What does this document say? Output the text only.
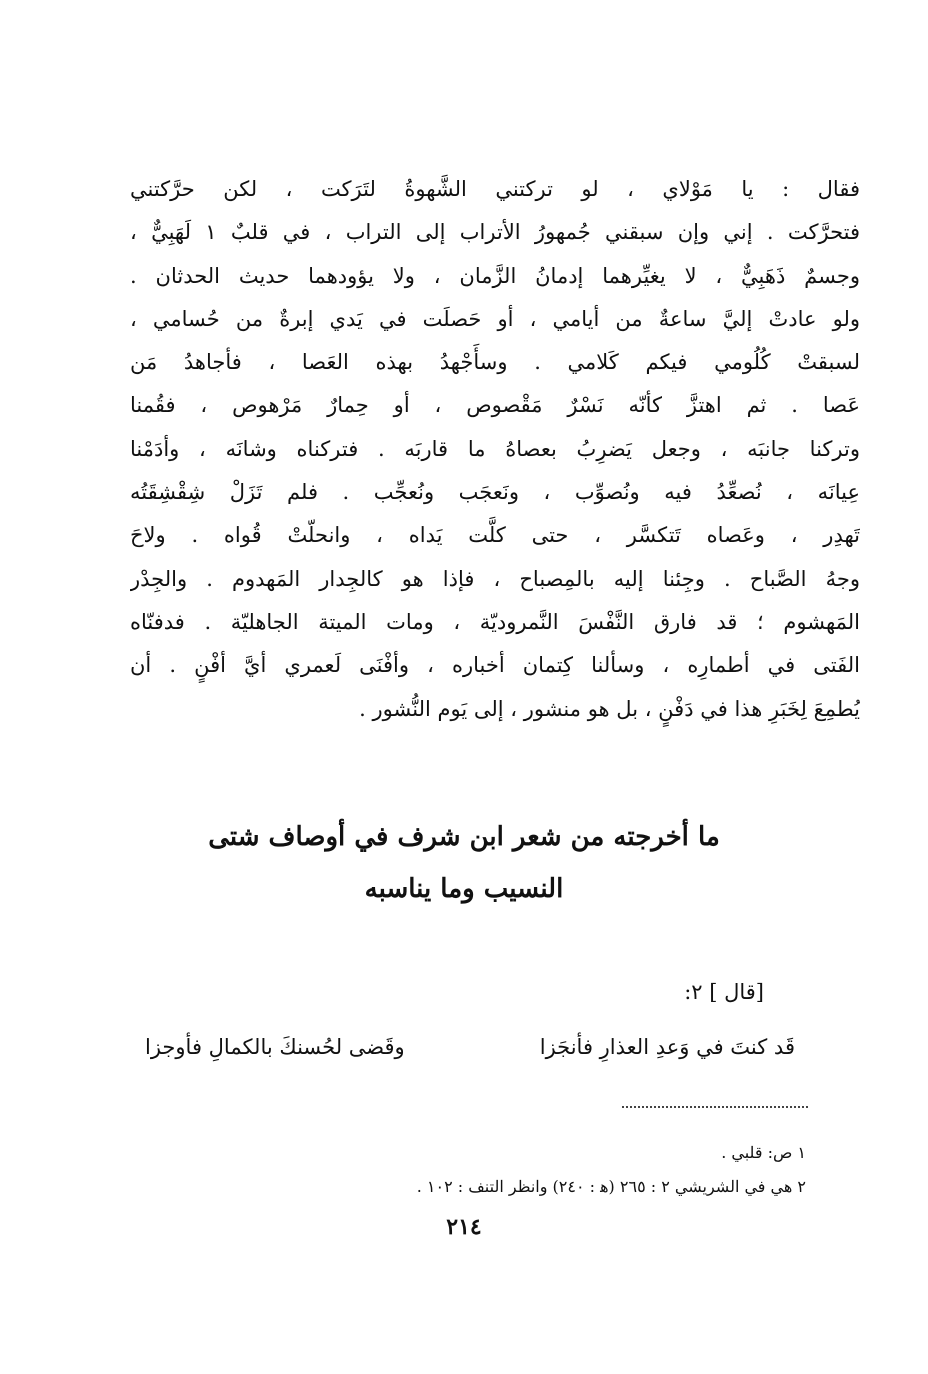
فقال : يا مَوْلاي ، لو تركتني الشَّهوةُ لتَرَكت ، لكن حرَّكتني
فتحرَّكت . إني وإن سبقني جُمهورُ الأتراب إلى التراب ، في قلبٌ ١ لَهَبِيٌّ ،
وجسمٌ ذَهَبِيٌّ ، لا يغيِّرهما إدمانُ الزَّمان ، ولا يؤودهما حديث الحدثان .
ولو عادتْ إليَّ ساعةٌ من أيامي ، أو حَصلَت في يَدي إبرةٌ من حُسامي ،
لسبقتْ كُلُومي فيكم كَلامي . وسأَجْهدُ بهذه العَصا ، فأجاهدُ مَن
عَصا . ثم اهتزَّ كأنّه نَسْرٌ مَقْصوص ، أو حِمارٌ مَرْهوص ، فقُمنا
وتركنا جانبَه ، وجعل يَضرِبُ بعصاهُ ما قاربَه . فتركناه وشانَه ، وأدَمْنا
عِيانَه ، نُصعِّدُ فيه ونُصوِّب ، ونَعجَب ونُعجِّب . فلم تَزَلْ شِقْشِقَتُه
تَهدِر ، وعَصاه تَتكسَّر ، حتى كلَّت يَداه ، وانحلّتْ قُواه . ولاحَ
وجهُ الصَّباح . وجِئنا إليه بالمِصباح ، فإذا هو كالجِدار المَهدوم . والجِدْر
المَهشوم ؛ قد فارق النَّفْسَ النَّمروديّة ، ومات الميتة الجاهليّة . فدفنّاه
الفَتى في أطمارِه ، وسألنا كِتمان أخباره ، وأفْنَى لَعمري أيَّ أفْنٍ . أن
يُطمِعَ لِخَبَرِ هذا في دَفْنٍ ، بل هو منشور ، إلى يَوم النُّشور .
ما أخرجته من شعر ابن شرف في أوصاف شتى
النسيب وما يناسبه
[قال ] ٢:
قَد كنتَ في وَعدِ العذارِ فأنجَزا
وقَضى لحُسنكَ بالكمالِ فأوجزا
١ ص: قلبي .
٢ هي في الشريشي ٢ : ٢٦٥ (ﻫ : ٢٤٠) وانظر التنف : ١٠٢ .
٢١٤
